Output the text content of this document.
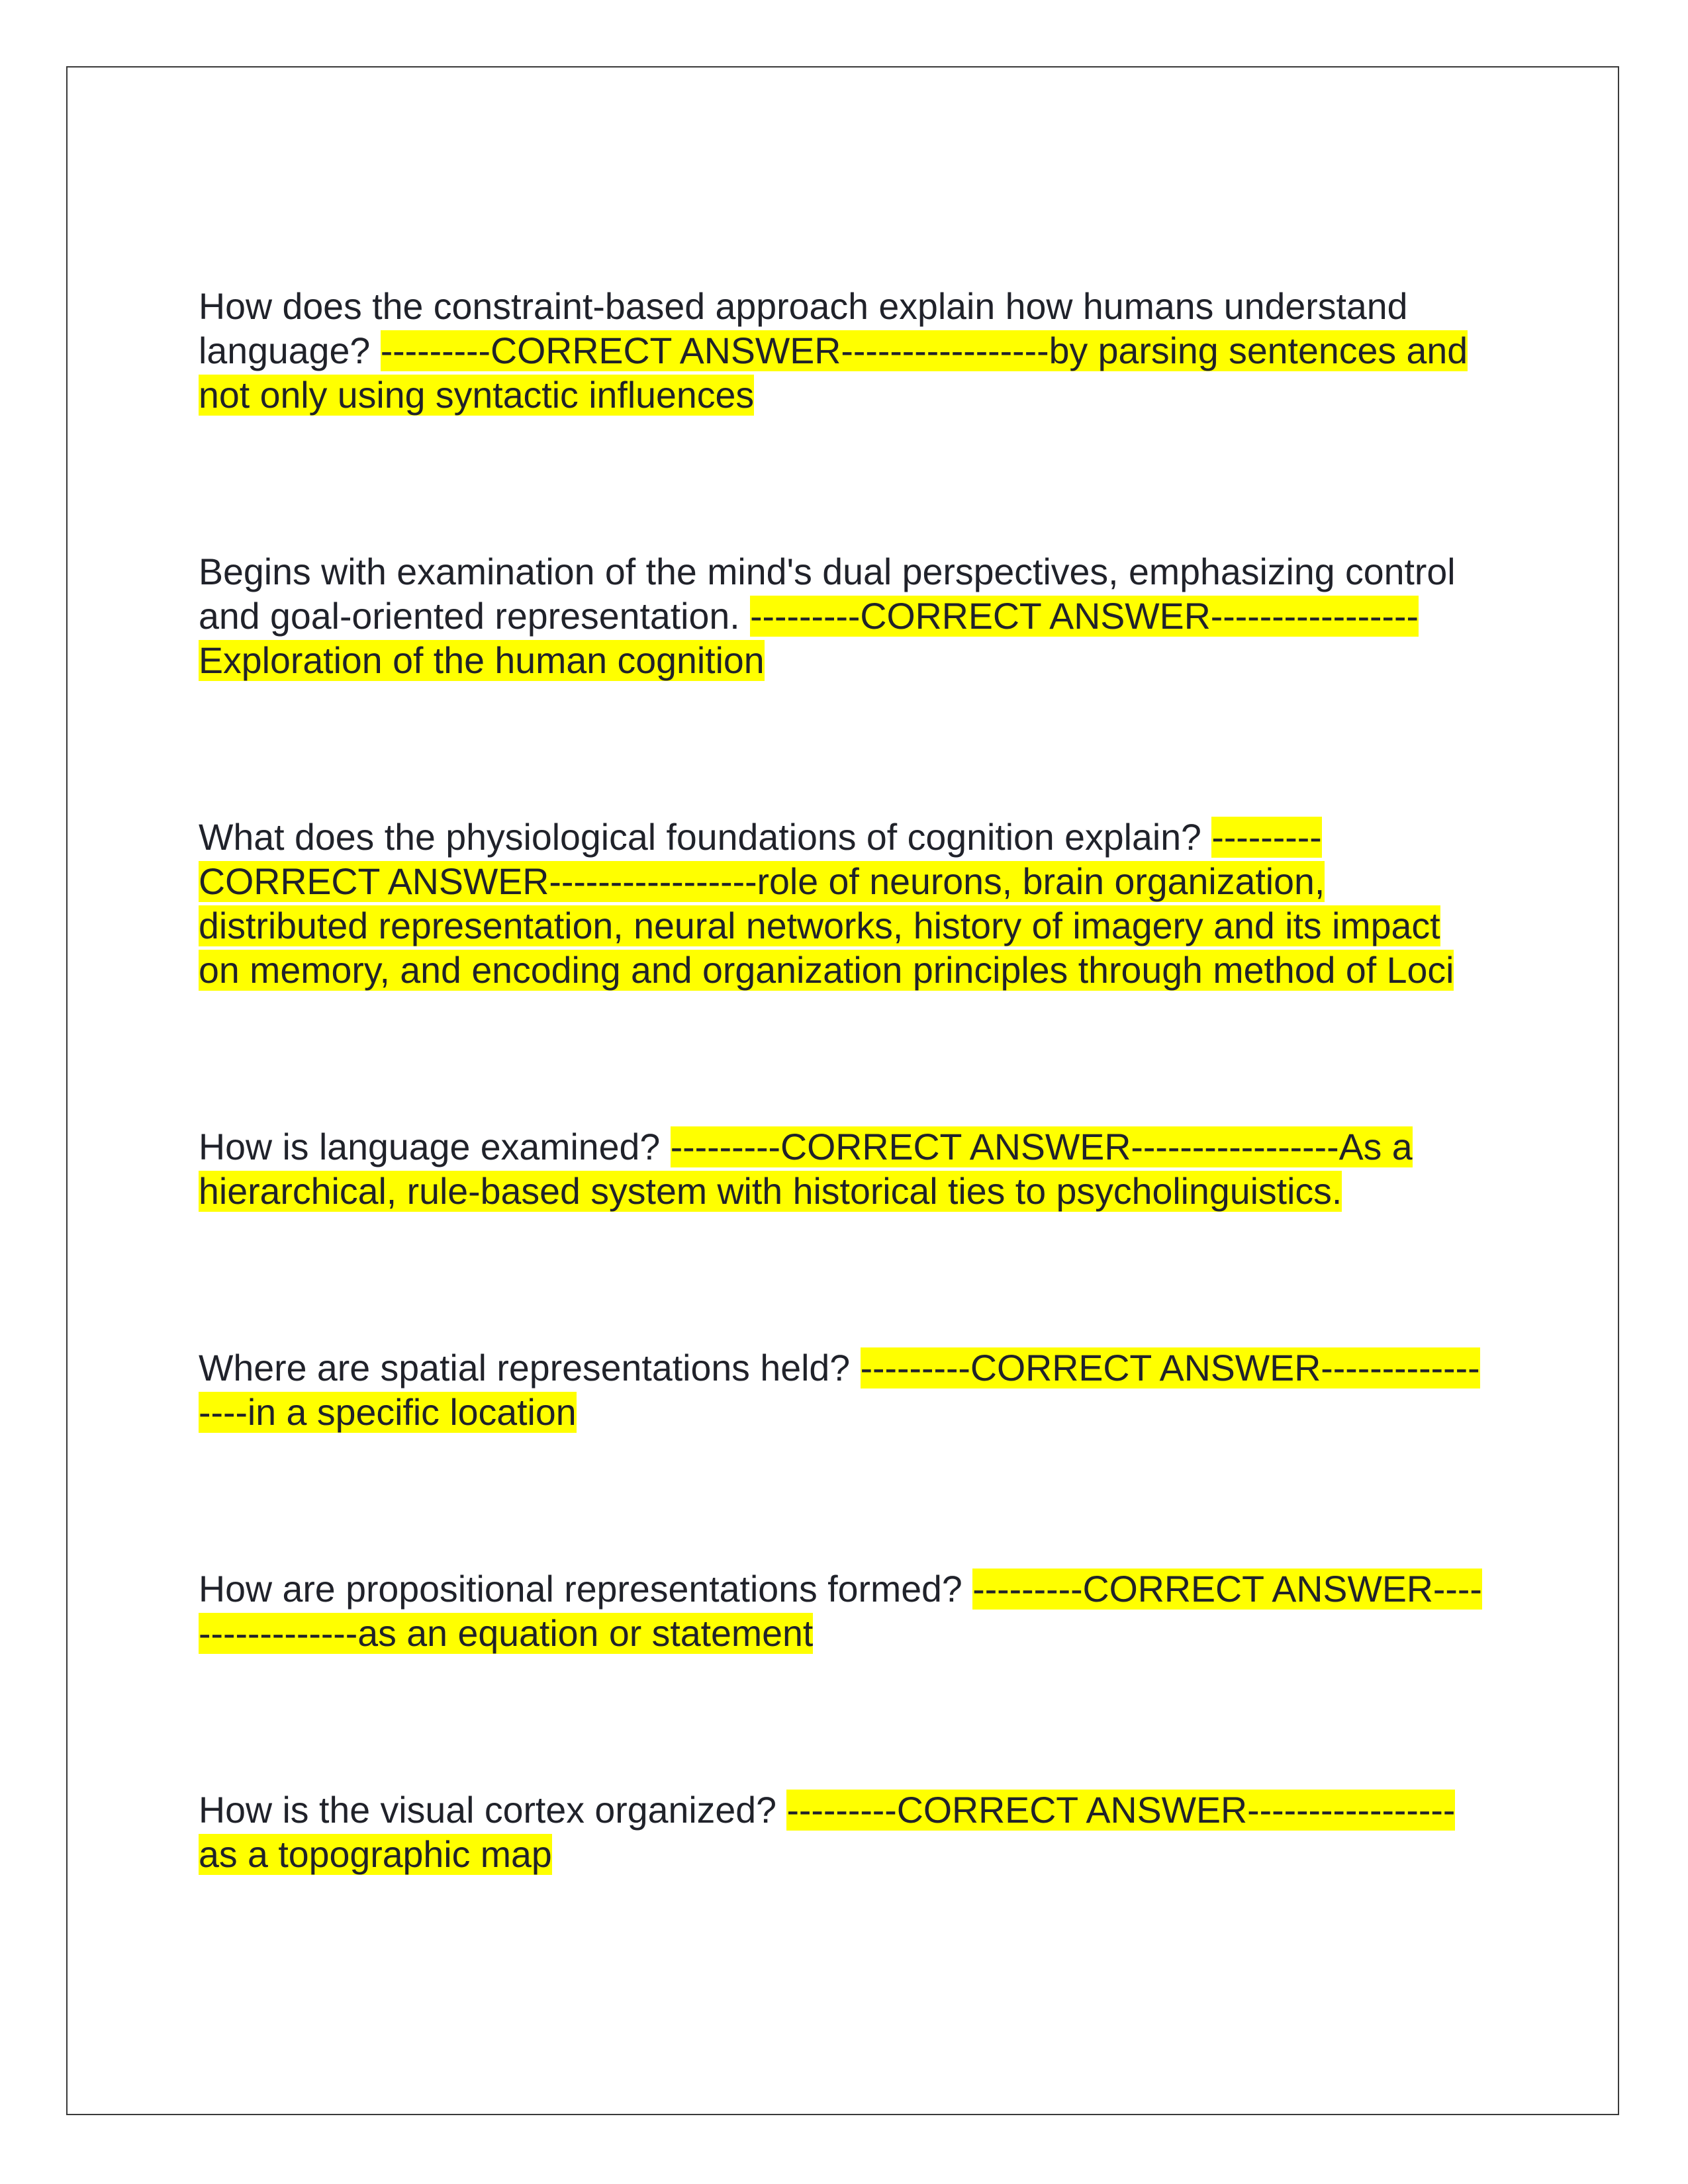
How does the constraint-based approach explain how humans understand language? ---------CORRECT ANSWER-----------------by parsing sentences and not only using syntactic influences

Begins with examination of the mind's dual perspectives, emphasizing control and goal-oriented representation. ---------CORRECT ANSWER-----------------Exploration of the human cognition

What does the physiological foundations of cognition explain? ---------CORRECT ANSWER-----------------role of neurons, brain organization, distributed representation, neural networks, history of imagery and its impact on memory, and encoding and organization principles through method of Loci

How is language examined? ---------CORRECT ANSWER-----------------As a hierarchical, rule-based system with historical ties to psycholinguistics.

Where are spatial representations held? ---------CORRECT ANSWER-----------------in a specific location

How are propositional representations formed? ---------CORRECT ANSWER-----------------as an equation or statement

How is the visual cortex organized? ---------CORRECT ANSWER-----------------as a topographic map
